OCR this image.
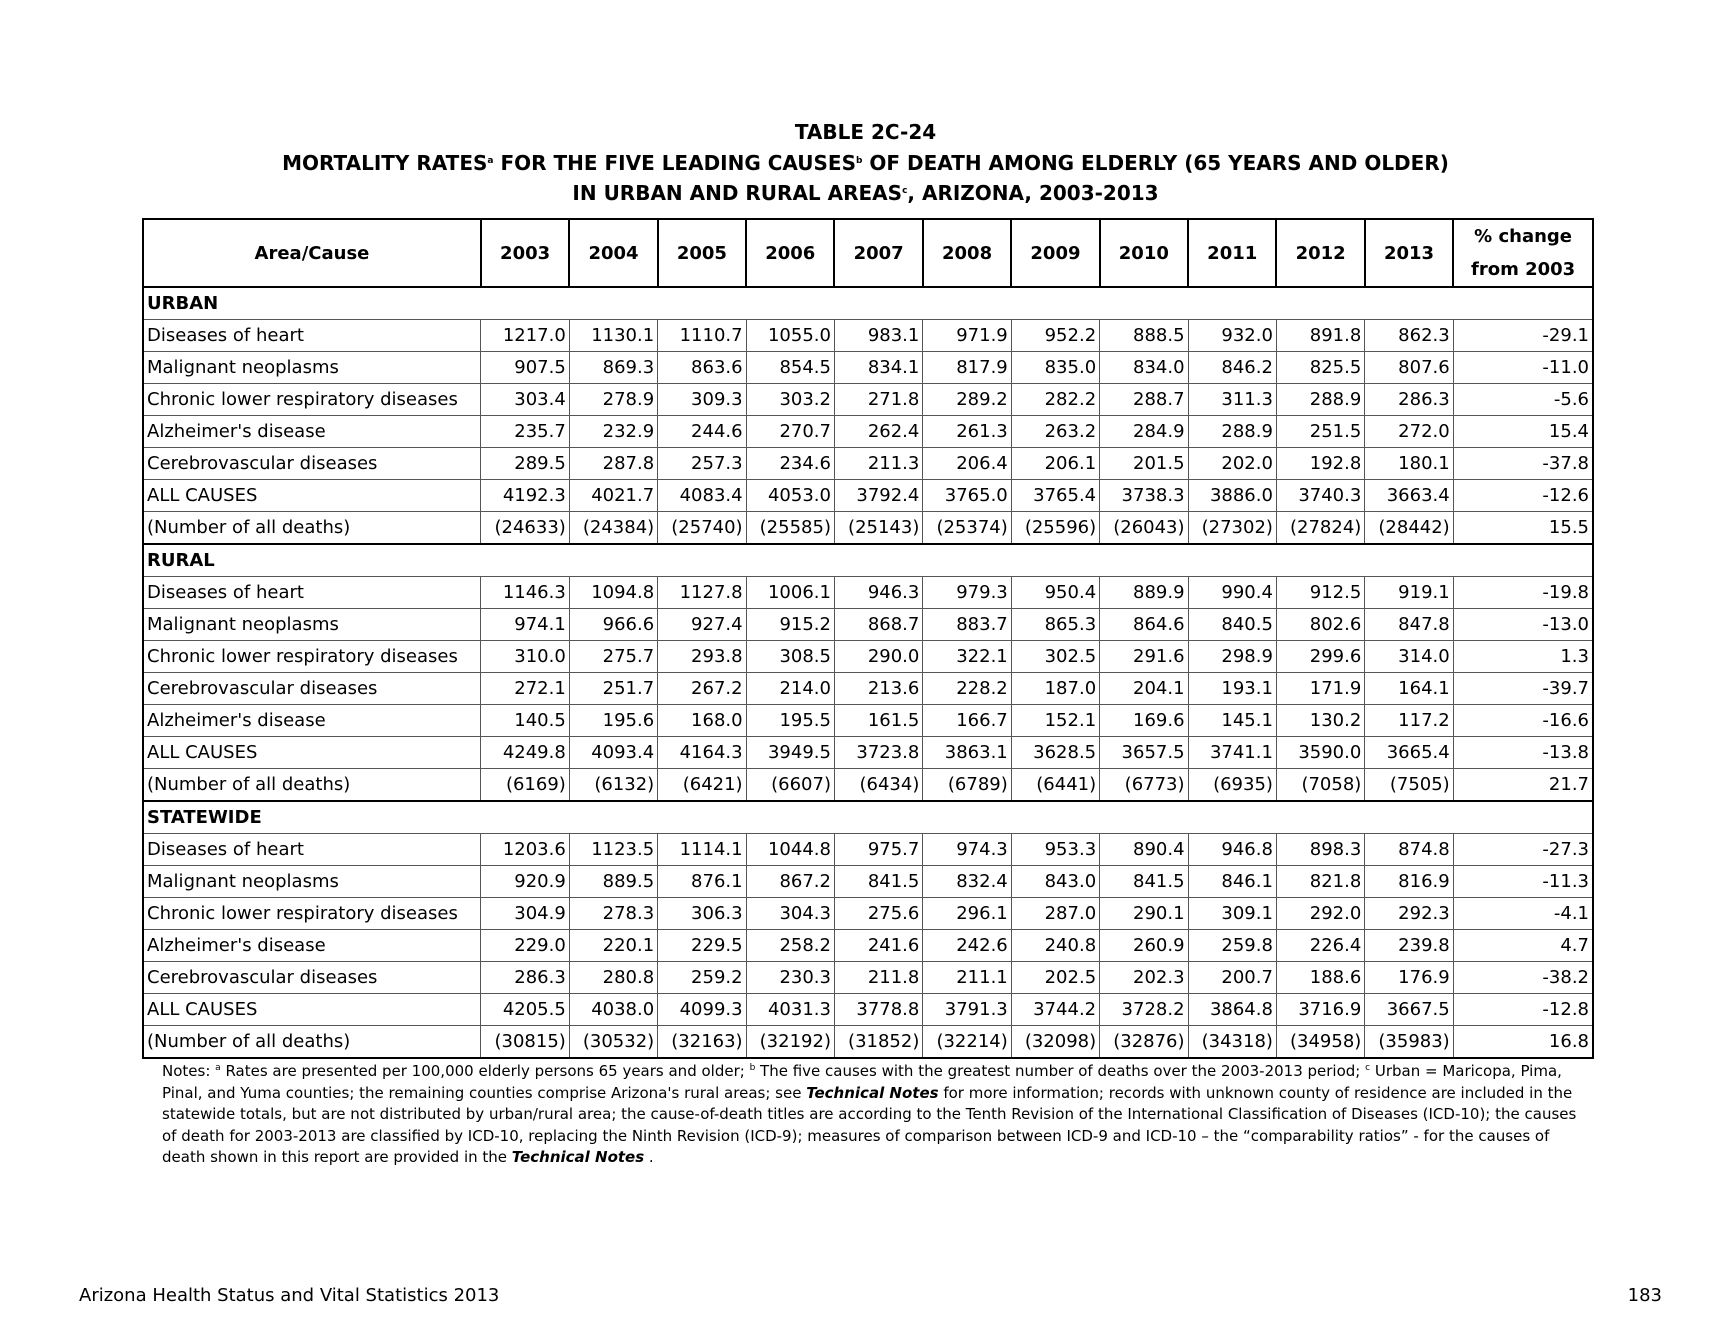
TABLE 2C-24
MORTALITY RATES$^a$ FOR THE FIVE LEADING CAUSES$^b$ OF DEATH AMONG ELDERLY (65 YEARS AND OLDER)
IN URBAN AND RURAL AREAS$^c$, ARIZONA, 2003-2013
Area/Cause	2003	2004	2005	2006	2007	2008	2009	2010	2011	2012	2013	% change
from 2003

URBAN												
Diseases of heart	1217.0	1130.1	1110.7	1055.0	983.1	971.9	952.2	888.5	932.0	891.8	862.3	-29.1
Malignant neoplasms	907.5	869.3	863.6	854.5	834.1	817.9	835.0	834.0	846.2	825.5	807.6	-11.0
Chronic lower respiratory diseases	303.4	278.9	309.3	303.2	271.8	289.2	282.2	288.7	311.3	288.9	286.3	-5.6
Alzheimer's disease	235.7	232.9	244.6	270.7	262.4	261.3	263.2	284.9	288.9	251.5	272.0	15.4
Cerebrovascular diseases	289.5	287.8	257.3	234.6	211.3	206.4	206.1	201.5	202.0	192.8	180.1	-37.8
ALL CAUSES	4192.3	4021.7	4083.4	4053.0	3792.4	3765.0	3765.4	3738.3	3886.0	3740.3	3663.4	-12.6
(Number of all deaths)	(24633)	(24384)	(25740)	(25585)	(25143)	(25374)	(25596)	(26043)	(27302)	(27824)	(28442)	15.5
RURAL												
Diseases of heart	1146.3	1094.8	1127.8	1006.1	946.3	979.3	950.4	889.9	990.4	912.5	919.1	-19.8
Malignant neoplasms	974.1	966.6	927.4	915.2	868.7	883.7	865.3	864.6	840.5	802.6	847.8	-13.0
Chronic lower respiratory diseases	310.0	275.7	293.8	308.5	290.0	322.1	302.5	291.6	298.9	299.6	314.0	1.3
Cerebrovascular diseases	272.1	251.7	267.2	214.0	213.6	228.2	187.0	204.1	193.1	171.9	164.1	-39.7
Alzheimer's disease	140.5	195.6	168.0	195.5	161.5	166.7	152.1	169.6	145.1	130.2	117.2	-16.6
ALL CAUSES	4249.8	4093.4	4164.3	3949.5	3723.8	3863.1	3628.5	3657.5	3741.1	3590.0	3665.4	-13.8
(Number of all deaths)	(6169)	(6132)	(6421)	(6607)	(6434)	(6789)	(6441)	(6773)	(6935)	(7058)	(7505)	21.7
STATEWIDE												
Diseases of heart	1203.6	1123.5	1114.1	1044.8	975.7	974.3	953.3	890.4	946.8	898.3	874.8	-27.3
Malignant neoplasms	920.9	889.5	876.1	867.2	841.5	832.4	843.0	841.5	846.1	821.8	816.9	-11.3
Chronic lower respiratory diseases	304.9	278.3	306.3	304.3	275.6	296.1	287.0	290.1	309.1	292.0	292.3	-4.1
Alzheimer's disease	229.0	220.1	229.5	258.2	241.6	242.6	240.8	260.9	259.8	226.4	239.8	4.7
Cerebrovascular diseases	286.3	280.8	259.2	230.3	211.8	211.1	202.5	202.3	200.7	188.6	176.9	-38.2
ALL CAUSES	4205.5	4038.0	4099.3	4031.3	3778.8	3791.3	3744.2	3728.2	3864.8	3716.9	3667.5	-12.8
(Number of all deaths)	(30815)	(30532)	(32163)	(32192)	(31852)	(32214)	(32098)	(32876)	(34318)	(34958)	(35983)	16.8
Notes: $^a$ Rates are presented per 100,000 elderly persons 65 years and older; $^b$ The five causes with the greatest number of deaths over the 2003-2013 period; $^c$ Urban = Maricopa, Pima, Pinal, and Yuma counties; the remaining counties comprise Arizona's rural areas; see Technical Notes for more information; records with unknown county of residence are included in the statewide totals, but are not distributed by urban/rural area; the cause-of-death titles are according to the Tenth Revision of the International Classification of Diseases (ICD-10); the causes of death for 2003-2013 are classified by ICD-10, replacing the Ninth Revision (ICD-9); measures of comparison between ICD-9 and ICD-10 – the “comparability ratios” - for the causes of death shown in this report are provided in the Technical Notes .
Arizona Health Status and Vital Statistics 2013	183
